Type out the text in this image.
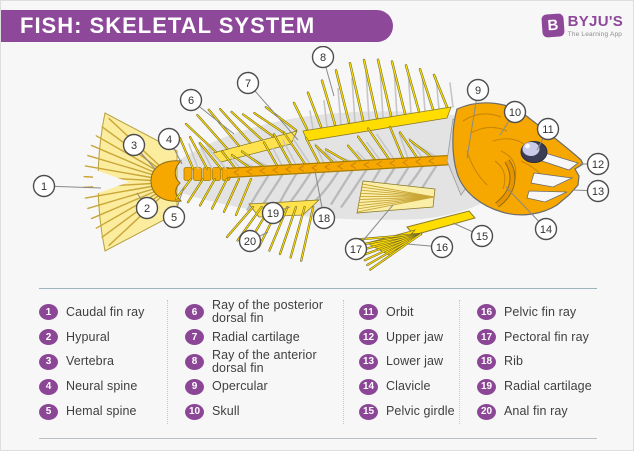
FISH: SKELETAL SYSTEM	B BYJU'S
The Learning App
1
2
3	4
5
6
7
8
9
10
11
12
13
14
15
16
17
18
19
20
1	Caudal fin ray
2	Hypural
3	Vertebra
4	Neural spine
5	Hemal spine
6	Ray of the posterior dorsal fin
7	Radial cartilage
8	Ray of the anterior dorsal fin
9	Opercular
10 Skull
11 Orbit
12 Upper jaw
13 Lower jaw
14 Clavicle
15 Pelvic girdle
16 Pelvic fin ray
17 Pectoral fin ray
18 Rib
19 Radial cartilage
20 Anal fin ray
